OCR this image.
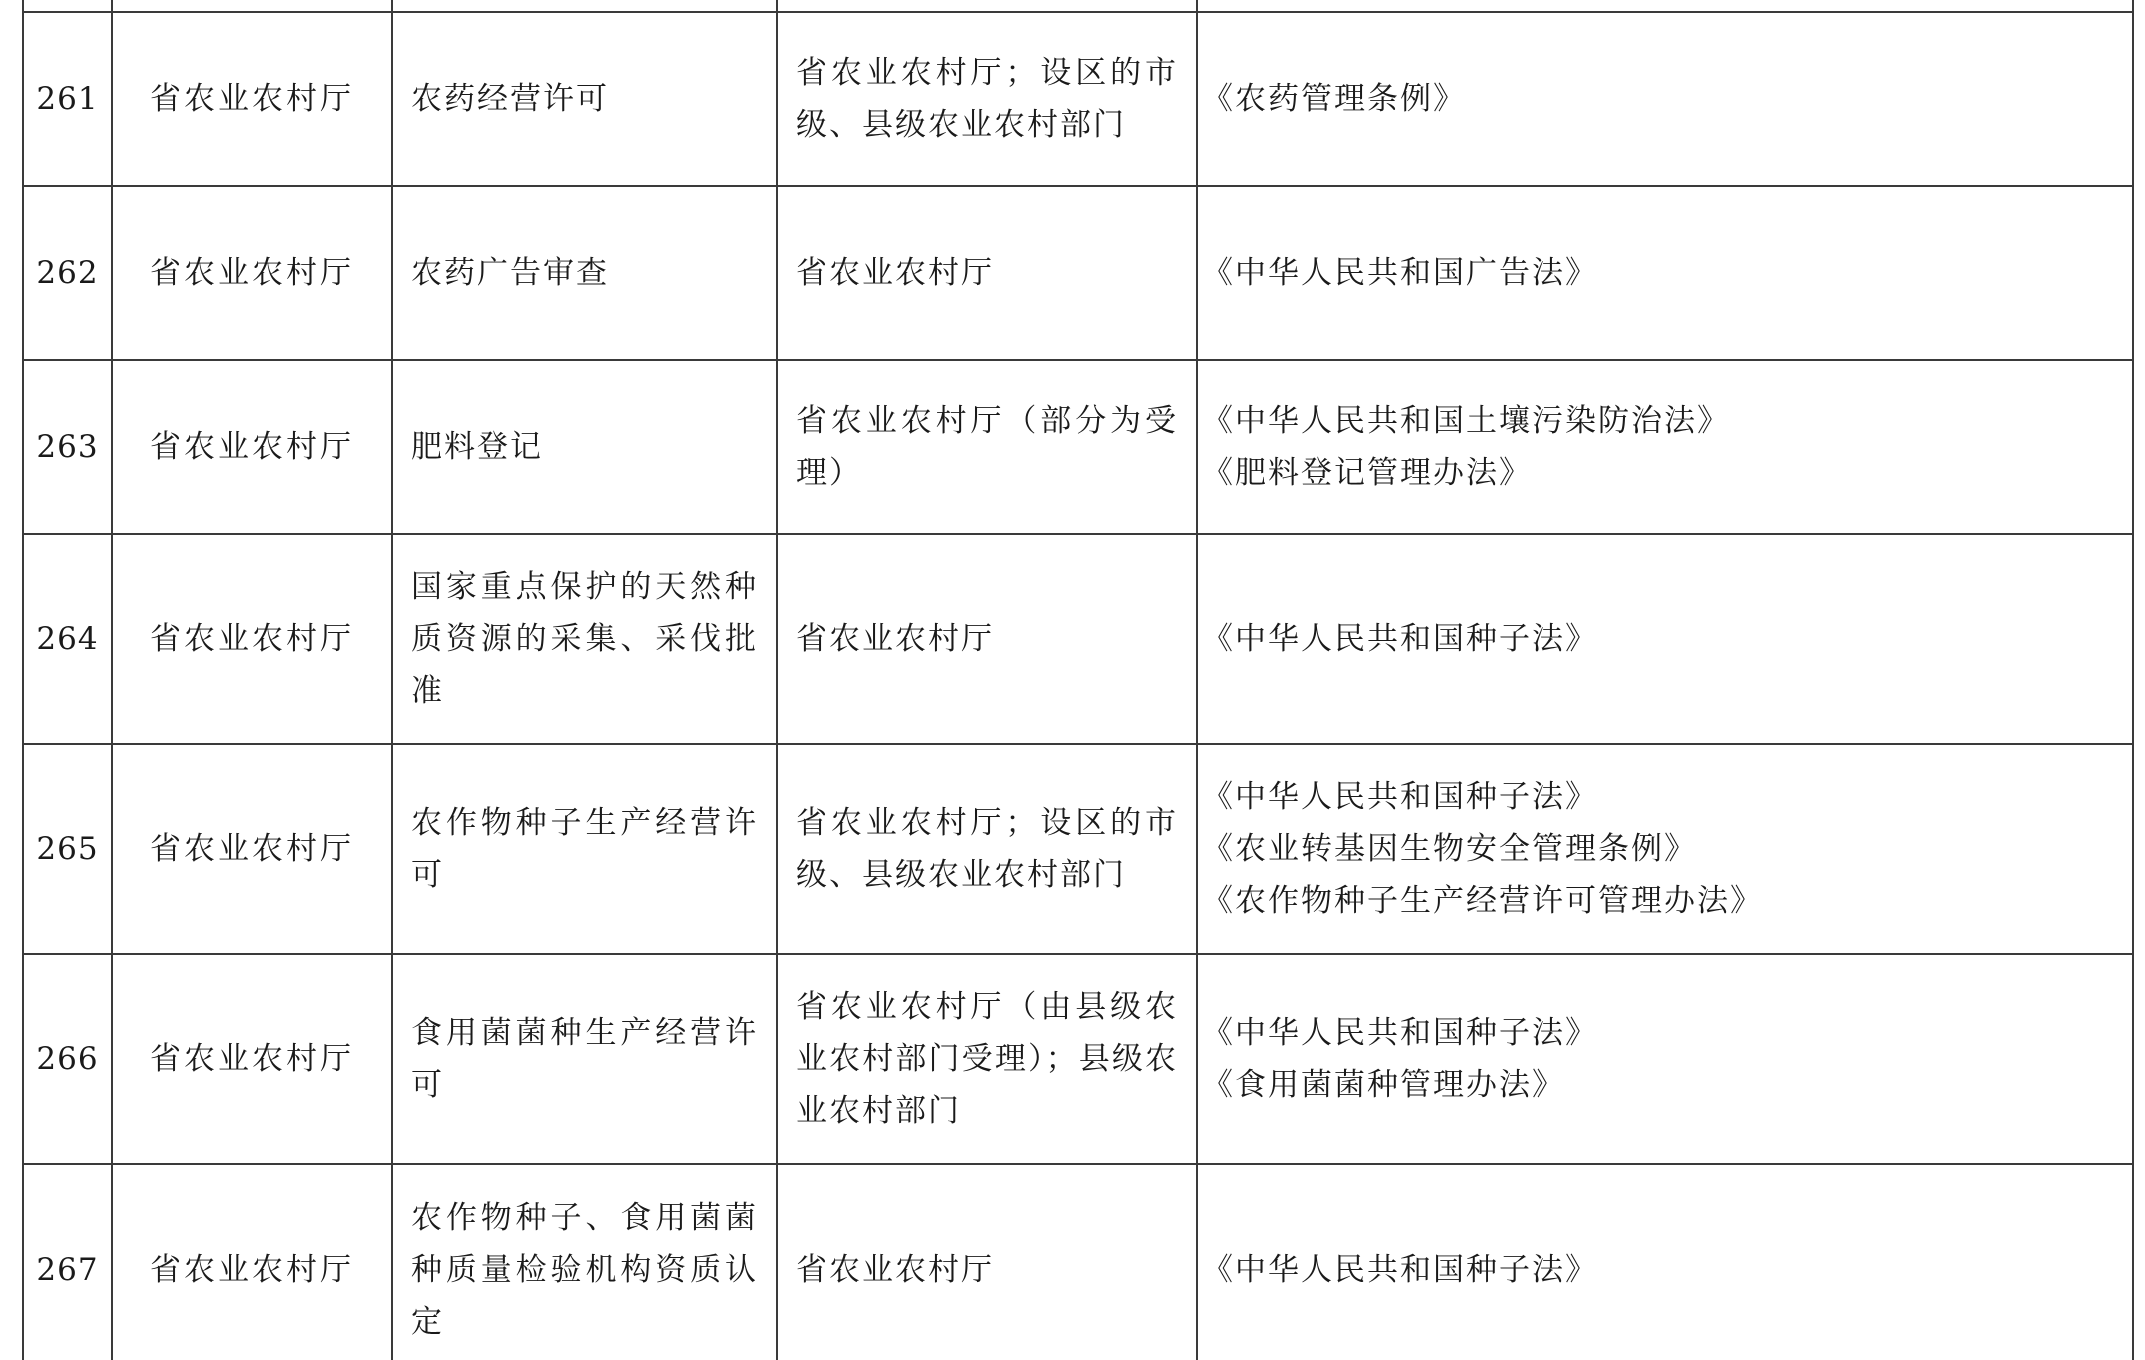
261	省农业农村厅	农药经营许可	省农业农村厅；设区的市级、县级农业农村部门	《农药管理条例》

262	省农业农村厅	农药广告审查	省农业农村厅	《中华人民共和国广告法》

263	省农业农村厅	肥料登记	省农业农村厅（部分为受理）	《中华人民共和国土壤污染防治法》
《肥料登记管理办法》

264	省农业农村厅	国家重点保护的天然种质资源的采集、采伐批准	省农业农村厅	《中华人民共和国种子法》

265	省农业农村厅	农作物种子生产经营许可	省农业农村厅；设区的市级、县级农业农村部门	《中华人民共和国种子法》
《农业转基因生物安全管理条例》
《农作物种子生产经营许可管理办法》

266	省农业农村厅	食用菌菌种生产经营许可	省农业农村厅（由县级农业农村部门受理）；县级农业农村部门	《中华人民共和国种子法》
《食用菌菌种管理办法》

267	省农业农村厅	农作物种子、食用菌菌种质量检验机构资质认定	省农业农村厅	《中华人民共和国种子法》
